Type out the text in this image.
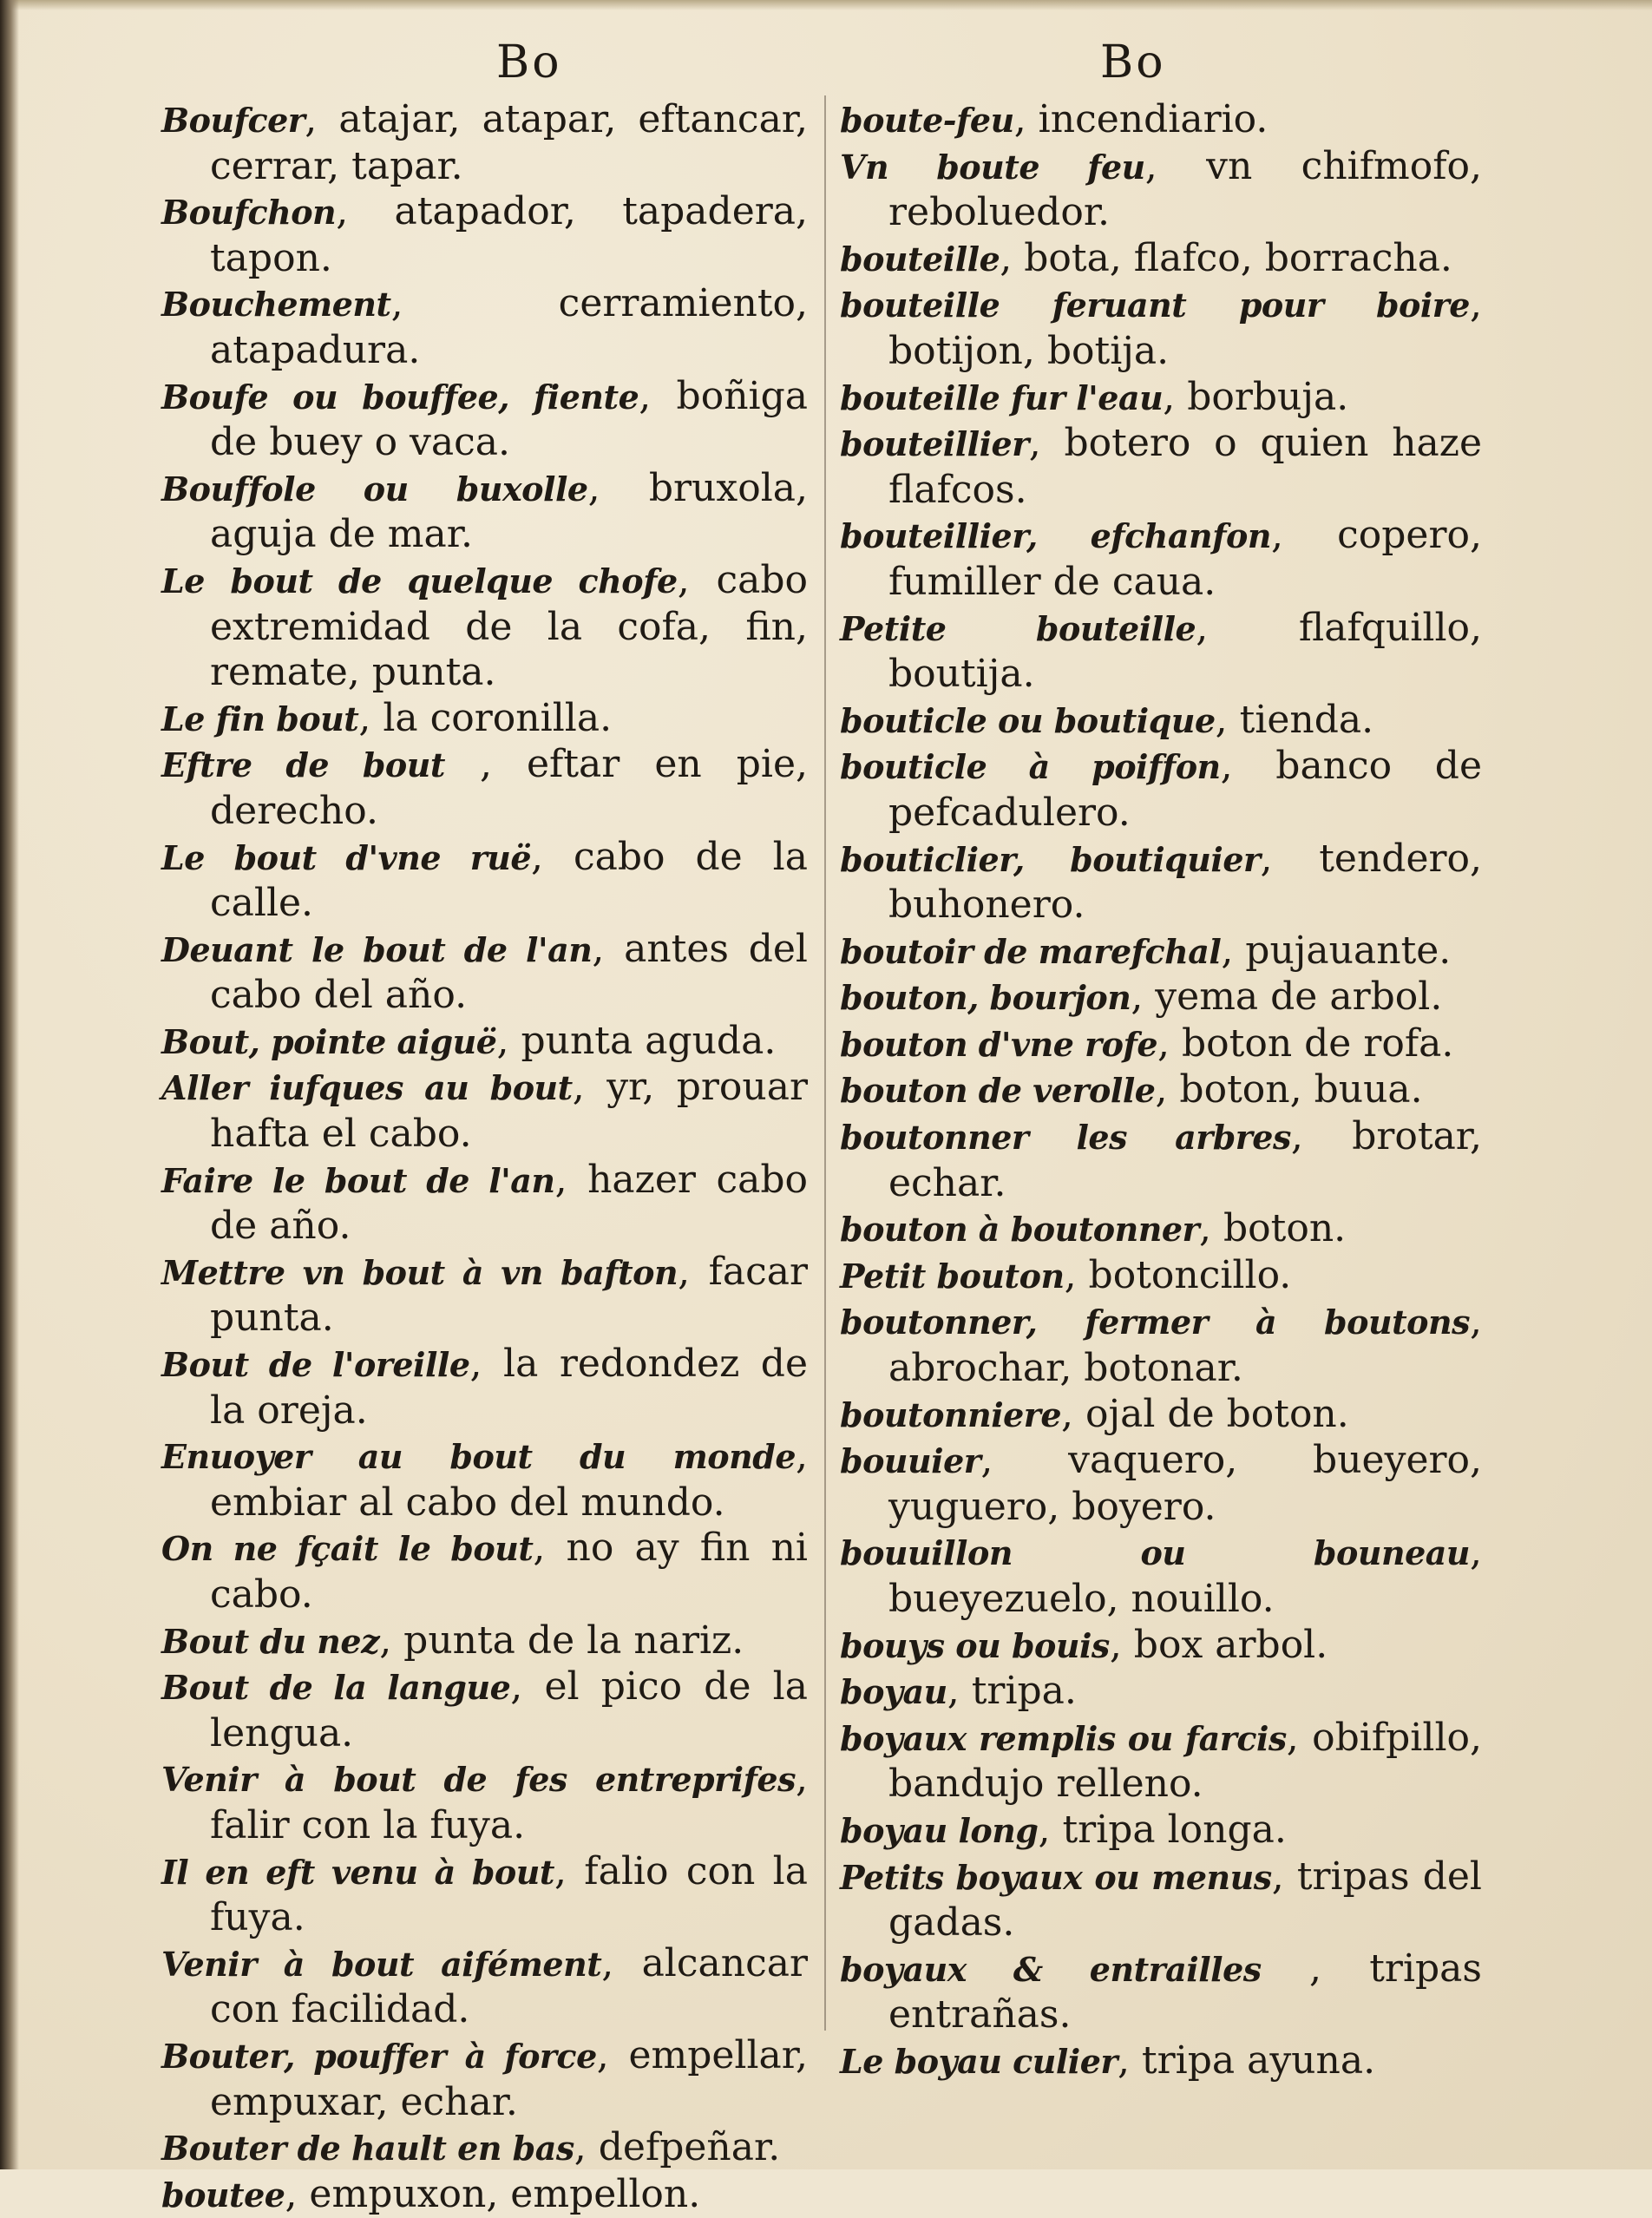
Bo	Bo
Boufcer, atajar, atapar, eftancar, cerrar, tapar.
Boufchon, atapador, tapadera, tapon.
Bouchement, cerramiento, atapadura.
Boufe ou bouffee, fiente, boñiga de buey o vaca.
Bouffole ou buxolle, bruxola, aguja de mar.
Le bout de quelque chofe, cabo extremidad de la cofa, fin, remate, punta.
Le fin bout, la coronilla.
Eftre de bout , eftar en pie, derecho.
Le bout d'vne ruë, cabo de la calle.
Deuant le bout de l'an, antes del cabo del año.
Bout, pointe aiguë, punta aguda.
Aller iufques au bout, yr, prouar hafta el cabo.
Faire le bout de l'an, hazer cabo de año.
Mettre vn bout à vn bafton, facar punta.
Bout de l'oreille, la redondez de la oreja.
Enuoyer au bout du monde, embiar al cabo del mundo.
On ne fçait le bout, no ay fin ni cabo.
Bout du nez, punta de la nariz.
Bout de la langue, el pico de la lengua.
Venir à bout de fes entreprifes, falir con la fuya.
Il en eft venu à bout, falio con la fuya.
Venir à bout aifément, alcancar con facilidad.
Bouter, pouffer à force, empellar, empuxar, echar.
Bouter de hault en bas, defpeñar.
boutee, empuxon, empellon.
boute-feu, incendiario.
Vn boute feu, vn chifmofo, reboluedor.
bouteille, bota, flafco, borracha.
bouteille feruant pour boire, botijon, botija.
bouteille fur l'eau, borbuja.
bouteillier, botero o quien haze flafcos.
bouteillier, efchanfon, copero, fumiller de caua.
Petite bouteille, flafquillo, boutija.
bouticle ou boutique, tienda.
bouticle à poiffon, banco de pefcadulero.
bouticlier, boutiquier, tendero, buhonero.
boutoir de marefchal, pujauante.
bouton, bourjon, yema de arbol.
bouton d'vne rofe, boton de rofa.
bouton de verolle, boton, buua.
boutonner les arbres, brotar, echar.
bouton à boutonner, boton.
Petit bouton, botoncillo.
boutonner, fermer à boutons, abrochar, botonar.
boutonniere, ojal de boton.
bouuier, vaquero, bueyero, yuguero, boyero.
bouuillon ou bouneau, bueyezuelo, nouillo.
bouys ou bouis, box arbol.
boyau, tripa.
boyaux remplis ou farcis, obifpillo, bandujo relleno.
boyau long, tripa longa.
Petits boyaux ou menus, tripas del gadas.
boyaux & entrailles , tripas entrañas.
Le boyau culier, tripa ayuna.
